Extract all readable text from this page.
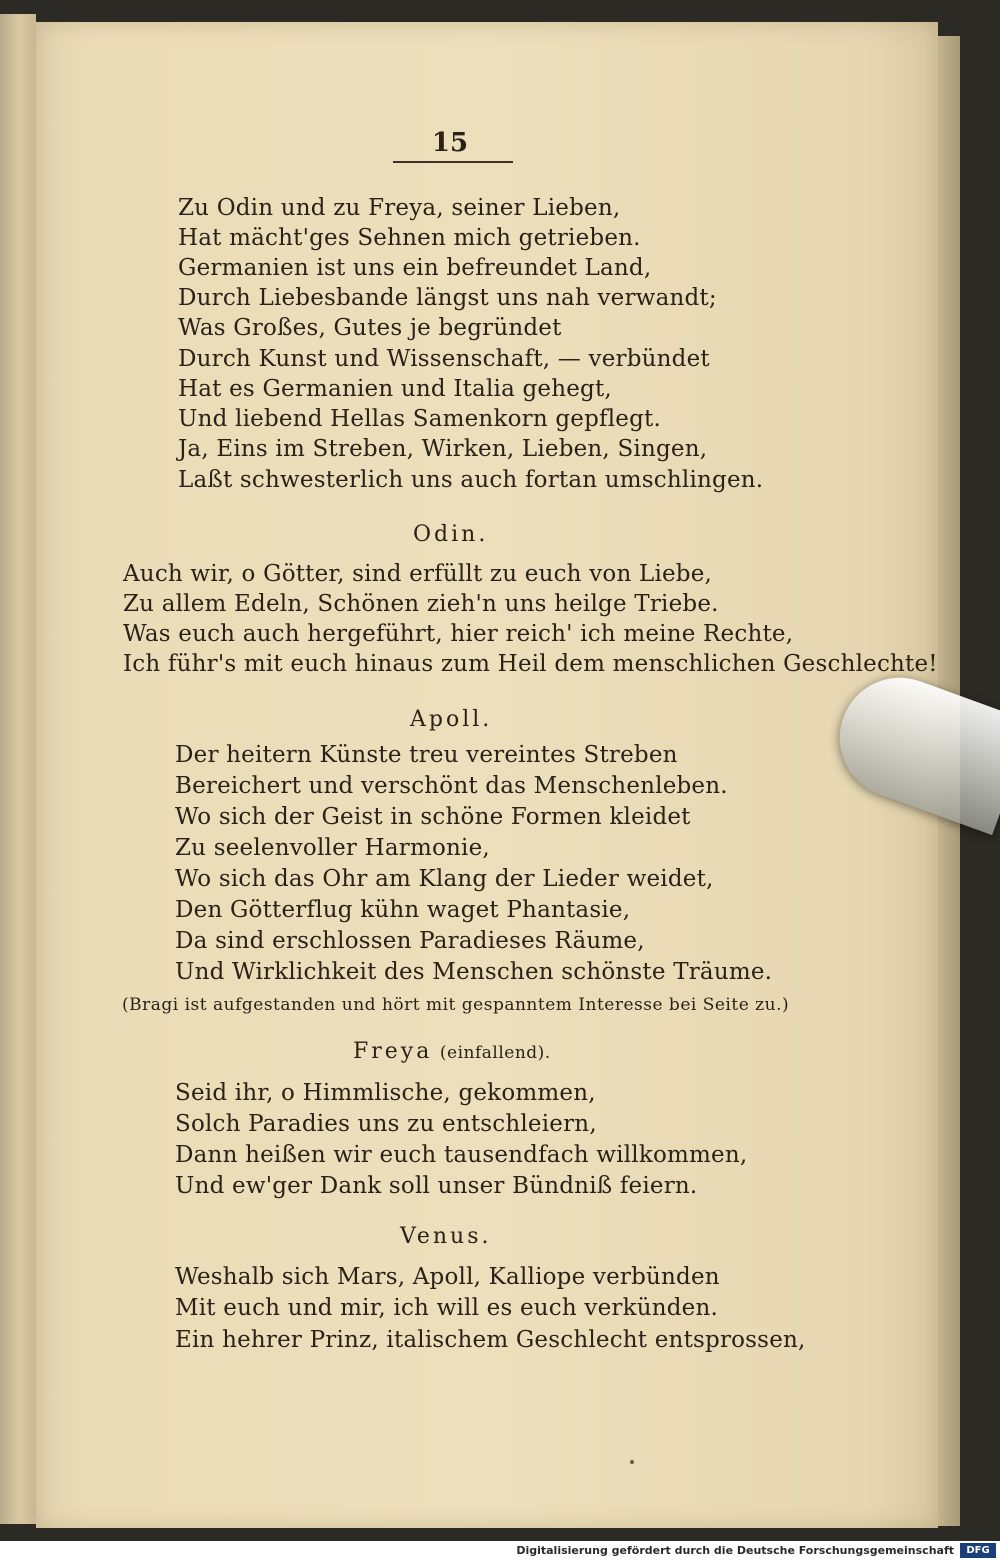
15
Zu Odin und zu Freya, seiner Lieben,
Hat mächt'ges Sehnen mich getrieben.
Germanien ist uns ein befreundet Land,
Durch Liebesbande längst uns nah verwandt;
Was Großes, Gutes je begründet
Durch Kunst und Wissenschaft, — verbündet
Hat es Germanien und Italia gehegt,
Und liebend Hellas Samenkorn gepflegt.
Ja, Eins im Streben, Wirken, Lieben, Singen,
Laßt schwesterlich uns auch fortan umschlingen.
Odin.
Auch wir, o Götter, sind erfüllt zu euch von Liebe,
Zu allem Edeln, Schönen zieh'n uns heilge Triebe.
Was euch auch hergeführt, hier reich' ich meine Rechte,
Ich führ's mit euch hinaus zum Heil dem menschlichen Geschlechte!
Apoll.
Der heitern Künste treu vereintes Streben
Bereichert und verschönt das Menschenleben.
Wo sich der Geist in schöne Formen kleidet
Zu seelenvoller Harmonie,
Wo sich das Ohr am Klang der Lieder weidet,
Den Götterflug kühn waget Phantasie,
Da sind erschlossen Paradieses Räume,
Und Wirklichkeit des Menschen schönste Träume.
(Bragi ist aufgestanden und hört mit gespanntem Interesse bei Seite zu.)
Freya (einfallend).
Seid ihr, o Himmlische, gekommen,
Solch Paradies uns zu entschleiern,
Dann heißen wir euch tausendfach willkommen,
Und ew'ger Dank soll unser Bündniß feiern.
Venus.
Weshalb sich Mars, Apoll, Kalliope verbünden
Mit euch und mir, ich will es euch verkünden.
Ein hehrer Prinz, italischem Geschlecht entsprossen,
Digitalisierung gefördert durch die Deutsche Forschungsgemeinschaft	DFG
